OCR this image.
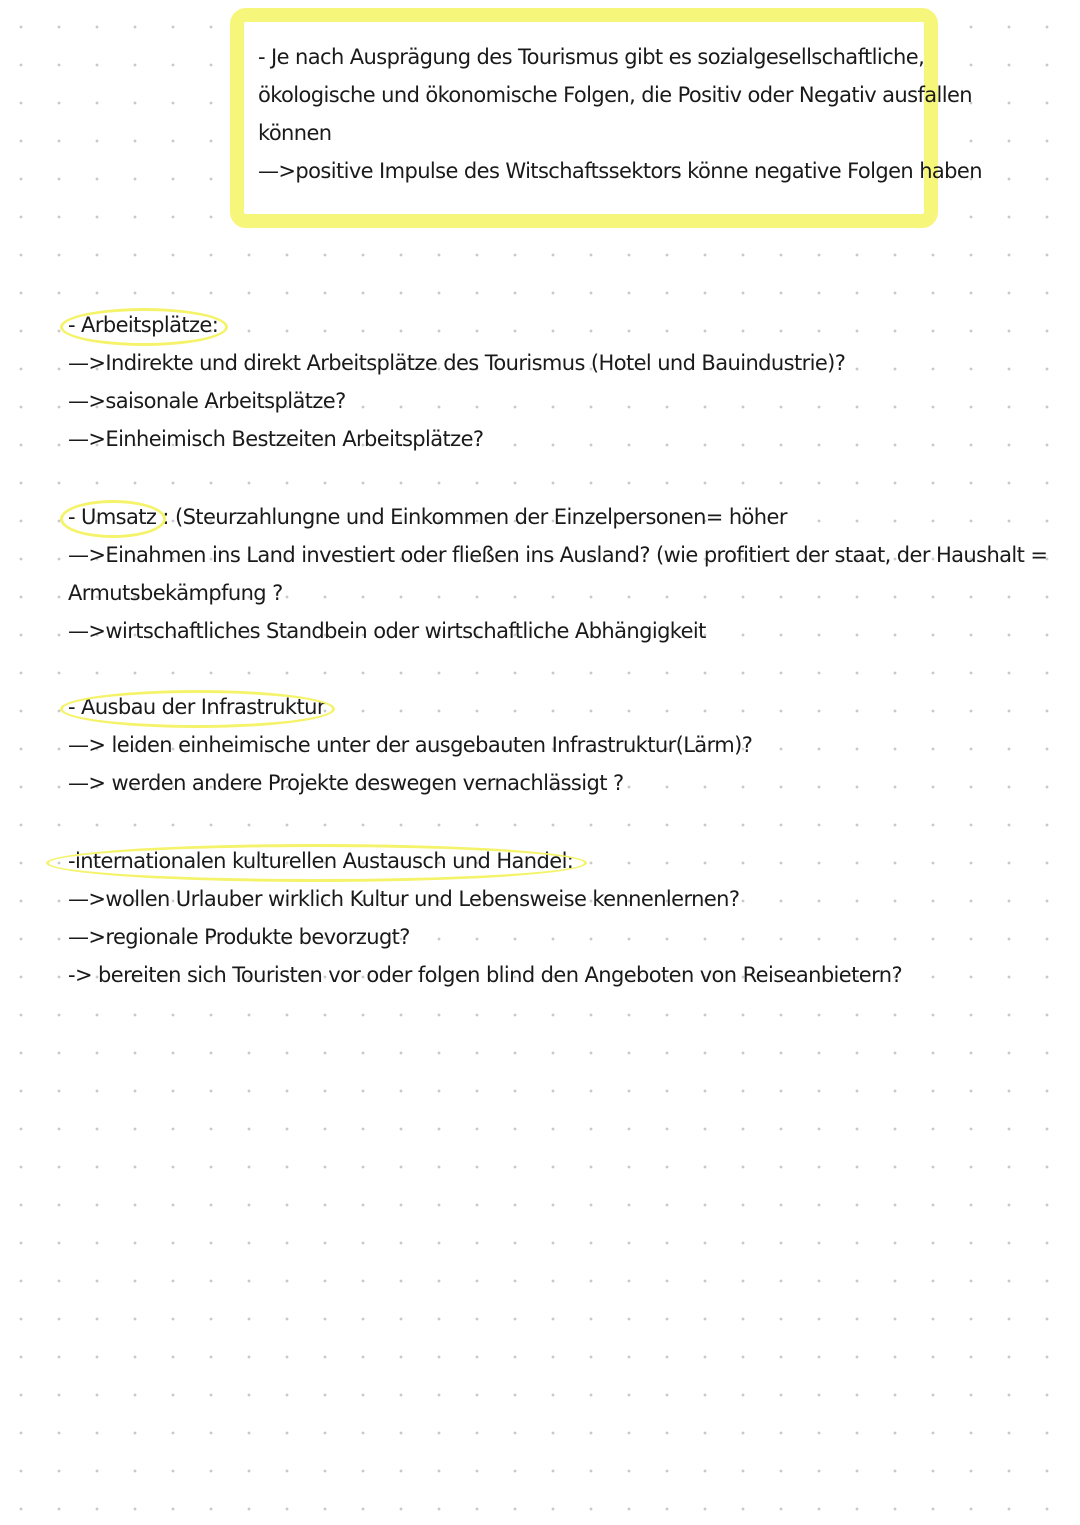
- Je nach Ausprägung des Tourismus gibt es sozialgesellschaftliche,
ökologische und ökonomische Folgen, die Positiv oder Negativ ausfallen
können
—>positive Impulse des Witschaftssektors könne negative Folgen haben
- Arbeitsplätze:
—>Indirekte und direkt Arbeitsplätze des Tourismus (Hotel und Bauindustrie)?
—>saisonale Arbeitsplätze?
—>Einheimisch Bestzeiten Arbeitsplätze?
- Umsatz : (Steurzahlungne und Einkommen der Einzelpersonen= höher
—>Einahmen ins Land investiert oder fließen ins Ausland? (wie profitiert der staat, der Haushalt =
Armutsbekämpfung ?
—>wirtschaftliches Standbein oder wirtschaftliche Abhängigkeit
- Ausbau der Infrastruktur
—> leiden einheimische unter der ausgebauten Infrastruktur(Lärm)?
—> werden andere Projekte deswegen vernachlässigt ?
-internationalen kulturellen Austausch und Handel:
—>wollen Urlauber wirklich Kultur und Lebensweise kennenlernen?
—>regionale Produkte bevorzugt?
-> bereiten sich Touristen vor oder folgen blind den Angeboten von Reiseanbietern?
